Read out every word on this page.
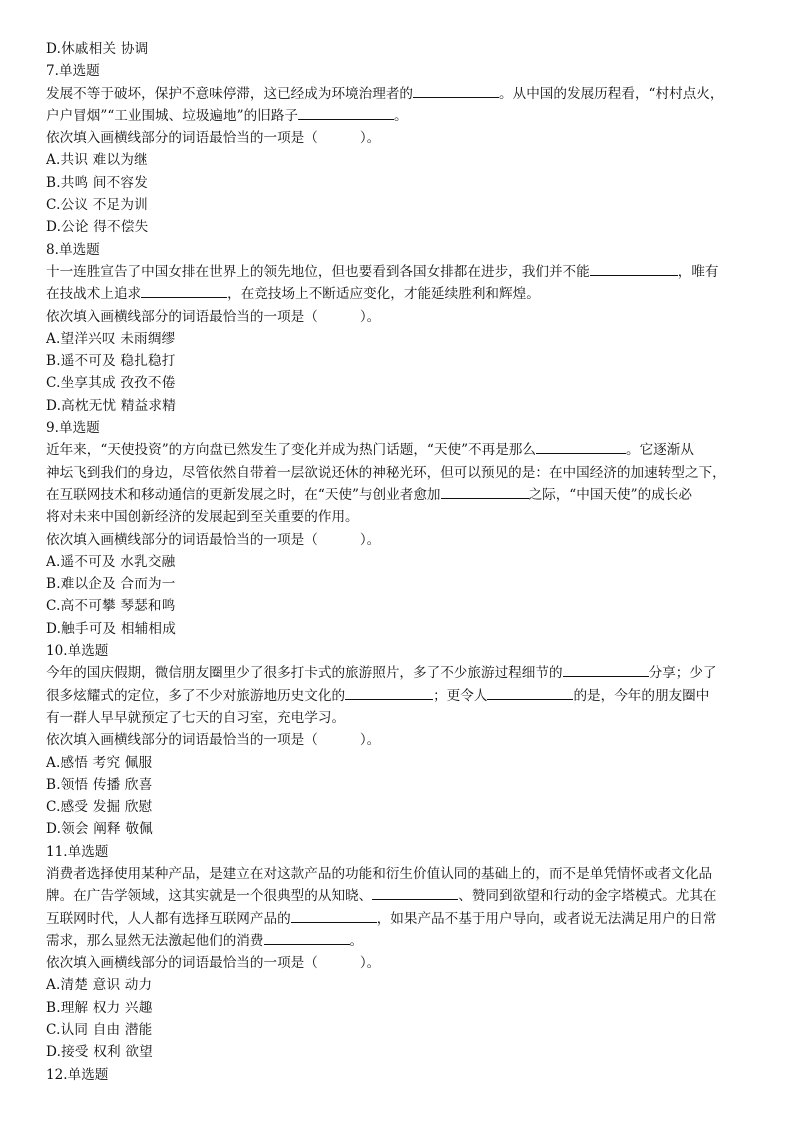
D.休戚相关 协调
7.单选题
发展不等于破坏，保护不意味停滞，这已经成为环境治理者的	。从中国的发展历程看，“村村点火，
户户冒烟”“工业围城、垃圾遍地”的旧路子	。
依次填入画横线部分的词语最恰当的一项是（	）。
A.共识 难以为继
B.共鸣 间不容发
C.公议 不足为训
D.公论 得不偿失
8.单选题
十一连胜宣告了中国女排在世界上的领先地位，但也要看到各国女排都在进步，我们并不能	，唯有
在技战术上追求	，在竞技场上不断适应变化，才能延续胜利和辉煌。
依次填入画横线部分的词语最恰当的一项是（	）。
A.望洋兴叹 未雨绸缪
B.遥不可及 稳扎稳打
C.坐享其成 孜孜不倦
D.高枕无忧 精益求精
9.单选题
近年来，“天使投资”的方向盘已然发生了变化并成为热门话题，“天使”不再是那么	。它逐渐从
神坛飞到我们的身边，尽管依然自带着一层欲说还休的神秘光环，但可以预见的是：在中国经济的加速转型之下，
在互联网技术和移动通信的更新发展之时，在“天使”与创业者愈加	之际，“中国天使”的成长必
将对未来中国创新经济的发展起到至关重要的作用。
依次填入画横线部分的词语最恰当的一项是（	）。
A.遥不可及 水乳交融
B.难以企及 合而为一
C.高不可攀 琴瑟和鸣
D.触手可及 相辅相成
10.单选题
今年的国庆假期，微信朋友圈里少了很多打卡式的旅游照片，多了不少旅游过程细节的	分享；少了
很多炫耀式的定位，多了不少对旅游地历史文化的	；更令人	的是，今年的朋友圈中
有一群人早早就预定了七天的自习室，充电学习。
依次填入画横线部分的词语最恰当的一项是（	）。
A.感悟 考究 佩服
B.领悟 传播 欣喜
C.感受 发掘 欣慰
D.领会 阐释 敬佩
11.单选题
消费者选择使用某种产品，是建立在对这款产品的功能和衍生价值认同的基础上的，而不是单凭情怀或者文化品
牌。在广告学领域，这其实就是一个很典型的从知晓、	、赞同到欲望和行动的金字塔模式。尤其在
互联网时代，人人都有选择互联网产品的	，如果产品不基于用户导向，或者说无法满足用户的日常
需求，那么显然无法激起他们的消费	。
依次填入画横线部分的词语最恰当的一项是（	）。
A.清楚 意识 动力
B.理解 权力 兴趣
C.认同 自由 潜能
D.接受 权利 欲望
12.单选题
